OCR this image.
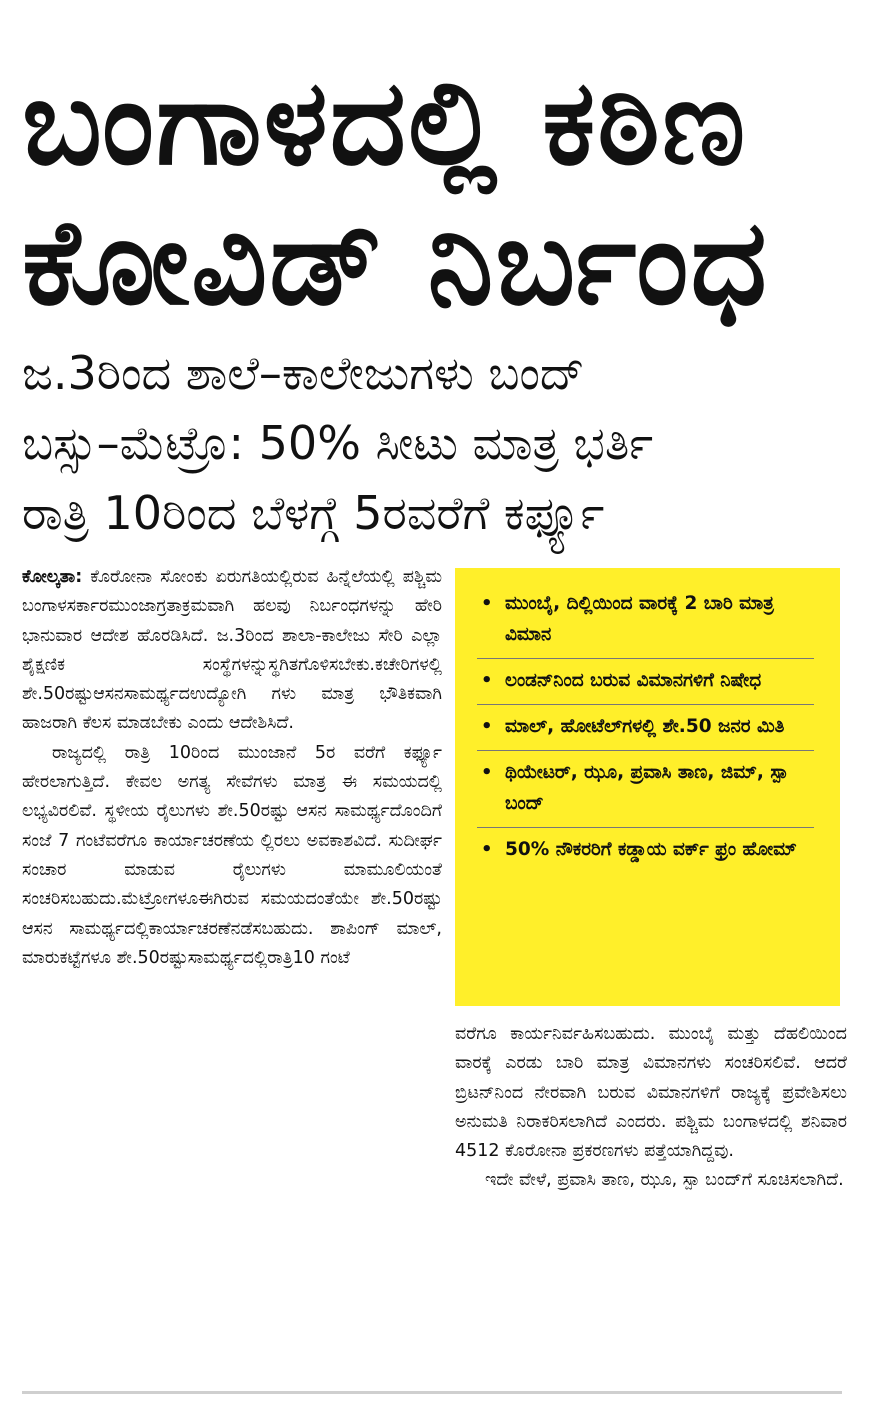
ಬಂಗಾಳದಲ್ಲಿ ಕಠಿಣ
ಕೋವಿಡ್ ನಿರ್ಬಂಧ

ಜ.3ರಿಂದ ಶಾಲೆ–ಕಾಲೇಜುಗಳು ಬಂದ್

ಬಸ್ಸು–ಮೆಟ್ರೊ: 50% ಸೀಟು ಮಾತ್ರ ಭರ್ತಿ

ರಾತ್ರಿ 10ರಿಂದ ಬೆಳಗ್ಗೆ 5ರವರೆಗೆ ಕರ್ಫ್ಯೂ

ಕೋಲ್ಕತಾ: ಕೊರೋನಾ ಸೋಂಕು ಏರುಗತಿಯಲ್ಲಿರುವ ಹಿನ್ನೆಲೆಯಲ್ಲಿ ಪಶ್ಚಿಮ ಬಂಗಾಳಸರ್ಕಾರಮುಂಜಾಗ್ರತಾಕ್ರಮವಾಗಿ ಹಲವು ನಿರ್ಬಂಧಗಳನ್ನು ಹೇರಿ ಭಾನುವಾರ ಆದೇಶ ಹೊರಡಿಸಿದೆ. ಜ.3ರಿಂದ ಶಾಲಾ-ಕಾಲೇಜು ಸೇರಿ ಎಲ್ಲಾ ಶೈಕ್ಷಣಿಕ ಸಂಸ್ಥೆಗಳನ್ನುಸ್ಥಗಿತಗೊಳಿಸಬೇಕು.ಕಚೇರಿಗಳಲ್ಲಿ ಶೇ.50ರಷ್ಟುಆಸನಸಾಮರ್ಥ್ಯದಉದ್ಯೋಗಿ ಗಳು ಮಾತ್ರ ಭೌತಿಕವಾಗಿ ಹಾಜರಾಗಿ ಕೆಲಸ ಮಾಡಬೇಕು ಎಂದು ಆದೇಶಿಸಿದೆ.

ರಾಜ್ಯದಲ್ಲಿ ರಾತ್ರಿ 10ರಿಂದ ಮುಂಜಾನೆ 5ರ ವರೆಗೆ ಕರ್ಫ್ಯೂ ಹೇರಲಾಗುತ್ತಿದೆ. ಕೇವಲ ಅಗತ್ಯ ಸೇವೆಗಳು ಮಾತ್ರ ಈ ಸಮಯದಲ್ಲಿ ಲಭ್ಯವಿರಲಿವೆ. ಸ್ಥಳೀಯ ರೈಲುಗಳು ಶೇ.50ರಷ್ಟು ಆಸನ ಸಾಮರ್ಥ್ಯದೊಂದಿಗೆ ಸಂಜೆ 7 ಗಂಟೆವರೆಗೂ ಕಾರ್ಯಾಚರಣೆಯ ಲ್ಲಿರಲು ಅವಕಾಶವಿದೆ. ಸುದೀರ್ಘ ಸಂಚಾರ ಮಾಡುವ ರೈಲುಗಳು ಮಾಮೂಲಿಯಂತೆ ಸಂಚರಿಸಬಹುದು.ಮೆಟ್ರೋಗಳೂಈಗಿರುವ ಸಮಯದಂತೆಯೇ ಶೇ.50ರಷ್ಟು ಆಸನ ಸಾಮರ್ಥ್ಯದಲ್ಲಿಕಾರ್ಯಾಚರಣೆನಡೆಸಬಹುದು. ಶಾಪಿಂಗ್ ಮಾಲ್, ಮಾರುಕಟ್ಟೆಗಳೂ ಶೇ.50ರಷ್ಟುಸಾಮರ್ಥ್ಯದಲ್ಲಿರಾತ್ರಿ10 ಗಂಟೆ

• ಮುಂಬೈ, ದಿಲ್ಲಿಯಿಂದ ವಾರಕ್ಕೆ 2 ಬಾರಿ ಮಾತ್ರ ವಿಮಾನ
• ಲಂಡನ್‌ನಿಂದ ಬರುವ ವಿಮಾನಗಳಿಗೆ ನಿಷೇಧ
• ಮಾಲ್, ಹೋಟೆಲ್‌ಗಳಲ್ಲಿ ಶೇ.50 ಜನರ ಮಿತಿ
• ಥಿಯೇಟರ್, ಝೂ, ಪ್ರವಾಸಿ ತಾಣ, ಜಿಮ್, ಸ್ಪಾ ಬಂದ್
• 50% ನೌಕರರಿಗೆ ಕಡ್ಡಾಯ ವರ್ಕ್ ಫ್ರಂ ಹೋಮ್

ವರೆಗೂ ಕಾರ್ಯನಿರ್ವಹಿಸಬಹುದು. ಮುಂಬೈ ಮತ್ತು ದೆಹಲಿಯಿಂದ ವಾರಕ್ಕೆ ಎರಡು ಬಾರಿ ಮಾತ್ರ ವಿಮಾನಗಳು ಸಂಚರಿಸಲಿವೆ. ಆದರೆ ಬ್ರಿಟನ್‌ನಿಂದ ನೇರವಾಗಿ ಬರುವ ವಿಮಾನಗಳಿಗೆ ರಾಜ್ಯಕ್ಕೆ ಪ್ರವೇಶಿಸಲು ಅನುಮತಿ ನಿರಾಕರಿಸಲಾಗಿದೆ ಎಂದರು. ಪಶ್ಚಿಮ ಬಂಗಾಳದಲ್ಲಿ ಶನಿವಾರ 4512 ಕೊರೋನಾ ಪ್ರಕರಣಗಳು ಪತ್ತೆಯಾಗಿದ್ದವು.

ಇದೇ ವೇಳೆ, ಪ್ರವಾಸಿ ತಾಣ, ಝೂ, ಸ್ಪಾ ಬಂದ್‌ಗೆ ಸೂಚಿಸಲಾಗಿದೆ.
